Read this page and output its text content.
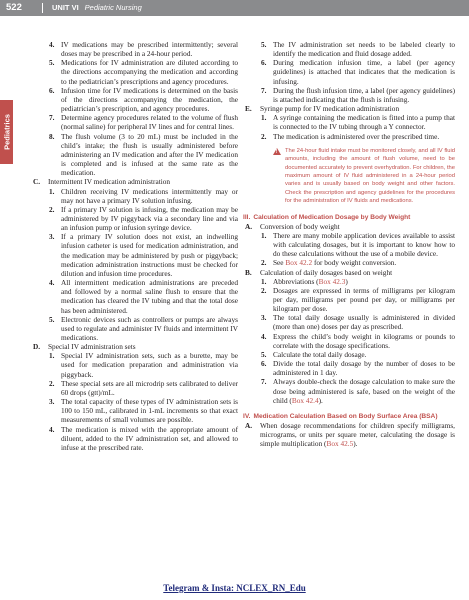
522	UNIT VI Pediatric Nursing
Pediatrics
4. IV medications may be prescribed intermittently; several doses may be prescribed in a 24-hour period.
5. Medications for IV administration are diluted according to the directions accompanying the medication and according to the pediatrician’s prescriptions and agency procedures.
6. Infusion time for IV medications is determined on the basis of the directions accompanying the medication, the pediatrician’s prescription, and agency procedures.
7. Determine agency procedures related to the volume of flush (normal saline) for peripheral IV lines and for central lines.
8. The flush volume (3 to 20 mL) must be included in the child’s intake; the flush is usually administered before administering an IV medication and after the IV medication is completed and is infused at the same rate as the medication.
C. Intermittent IV medication administration
1. Children receiving IV medications intermittently may or may not have a primary IV solution infusing.
2. If a primary IV solution is infusing, the medication may be administered by IV piggyback via a secondary line and via an infusion pump or infusion syringe device.
3. If a primary IV solution does not exist, an indwelling infusion catheter is used for medication administration, and the medication may be administered by push or piggyback; medication administration instructions must be checked for dilution and infusion time procedures.
4. All intermittent medication administrations are preceded and followed by a normal saline flush to ensure that the medication has cleared the IV tubing and that the total dose has been administered.
5. Electronic devices such as controllers or pumps are always used to regulate and administer IV fluids and intermittent IV medications.
D. Special IV administration sets
1. Special IV administration sets, such as a burette, may be used for medication preparation and administration via piggyback.
2. These special sets are all microdrip sets calibrated to deliver 60 drops (gtt)/mL.
3. The total capacity of these types of IV administration sets is 100 to 150 mL, calibrated in 1-mL increments so that exact measurements of small volumes are possible.
4. The medication is mixed with the appropriate amount of diluent, added to the IV administration set, and allowed to infuse at the prescribed rate.
5. The IV administration set needs to be labeled clearly to identify the medication and fluid dosage added.
6. During medication infusion time, a label (per agency guidelines) is attached that indicates that the medication is infusing.
7. During the flush infusion time, a label (per agency guidelines) is attached indicating that the flush is infusing.
E. Syringe pump for IV medication administration
1. A syringe containing the medication is fitted into a pump that is connected to the IV tubing through a Y connector.
2. The medication is administered over the prescribed time.
! The 24-hour fluid intake must be monitored closely, and all IV fluid amounts, including the amount of flush volume, need to be documented accurately to prevent overhydration. For children, the maximum amount of IV fluid administered in a 24-hour period varies and is usually based on body weight and other factors. Check the prescription and agency guidelines for the procedures for the administration of IV fluids and medications.
III. Calculation of Medication Dosage by Body Weight
A. Conversion of body weight
1. There are many mobile application devices available to assist with calculating dosages, but it is important to know how to do these calculations without the use of a mobile device.
2. See Box 42.2 for body weight conversion.
B. Calculation of daily dosages based on weight
1. Abbreviations (Box 42.3)
2. Dosages are expressed in terms of milligrams per kilogram per day, milligrams per pound per day, or milligrams per kilogram per dose.
3. The total daily dosage usually is administered in divided (more than one) doses per day as prescribed.
4. Express the child’s body weight in kilograms or pounds to correlate with the dosage specifications.
5. Calculate the total daily dosage.
6. Divide the total daily dosage by the number of doses to be administered in 1 day.
7. Always double-check the dosage calculation to make sure the dose being administered is safe, based on the weight of the child (Box 42.4).
IV. Medication Calculation Based on Body Surface Area (BSA)
A. When dosage recommendations for children specify milligrams, micrograms, or units per square meter, calculating the dosage is simple multiplication (Box 42.5).
Telegram & Insta: NCLEX_RN_Edu
